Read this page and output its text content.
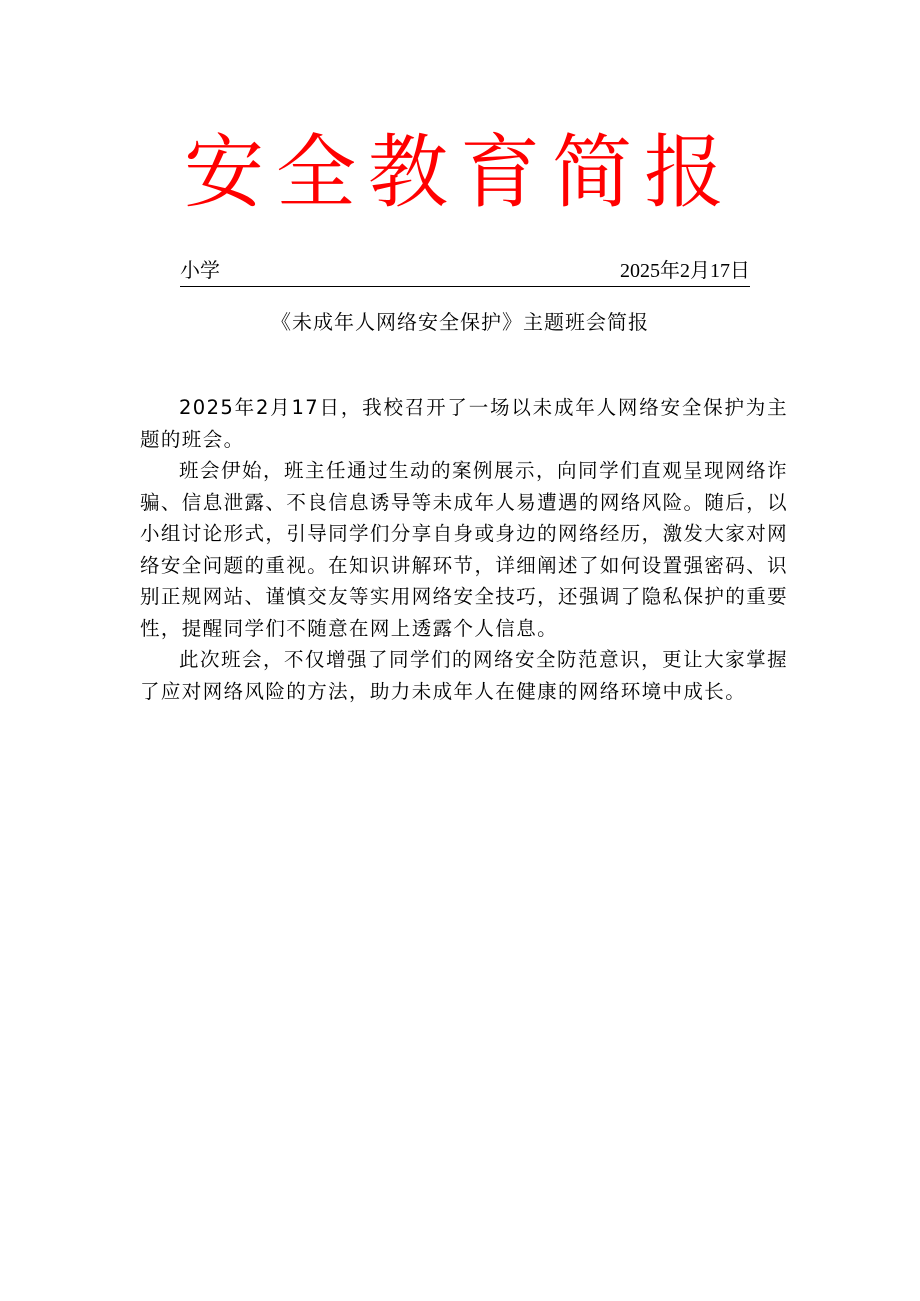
安全教育简报
小学	2025年2月17日
《未成年人网络安全保护》主题班会简报

2025年2月17日，我校召开了一场以未成年人网络安全保护为主题的班会。

班会伊始，班主任通过生动的案例展示，向同学们直观呈现网络诈骗、信息泄露、不良信息诱导等未成年人易遭遇的网络风险。随后，以小组讨论形式，引导同学们分享自身或身边的网络经历，激发大家对网络安全问题的重视。在知识讲解环节，详细阐述了如何设置强密码、识别正规网站、谨慎交友等实用网络安全技巧，还强调了隐私保护的重要性，提醒同学们不随意在网上透露个人信息。

此次班会，不仅增强了同学们的网络安全防范意识，更让大家掌握了应对网络风险的方法，助力未成年人在健康的网络环境中成长。
